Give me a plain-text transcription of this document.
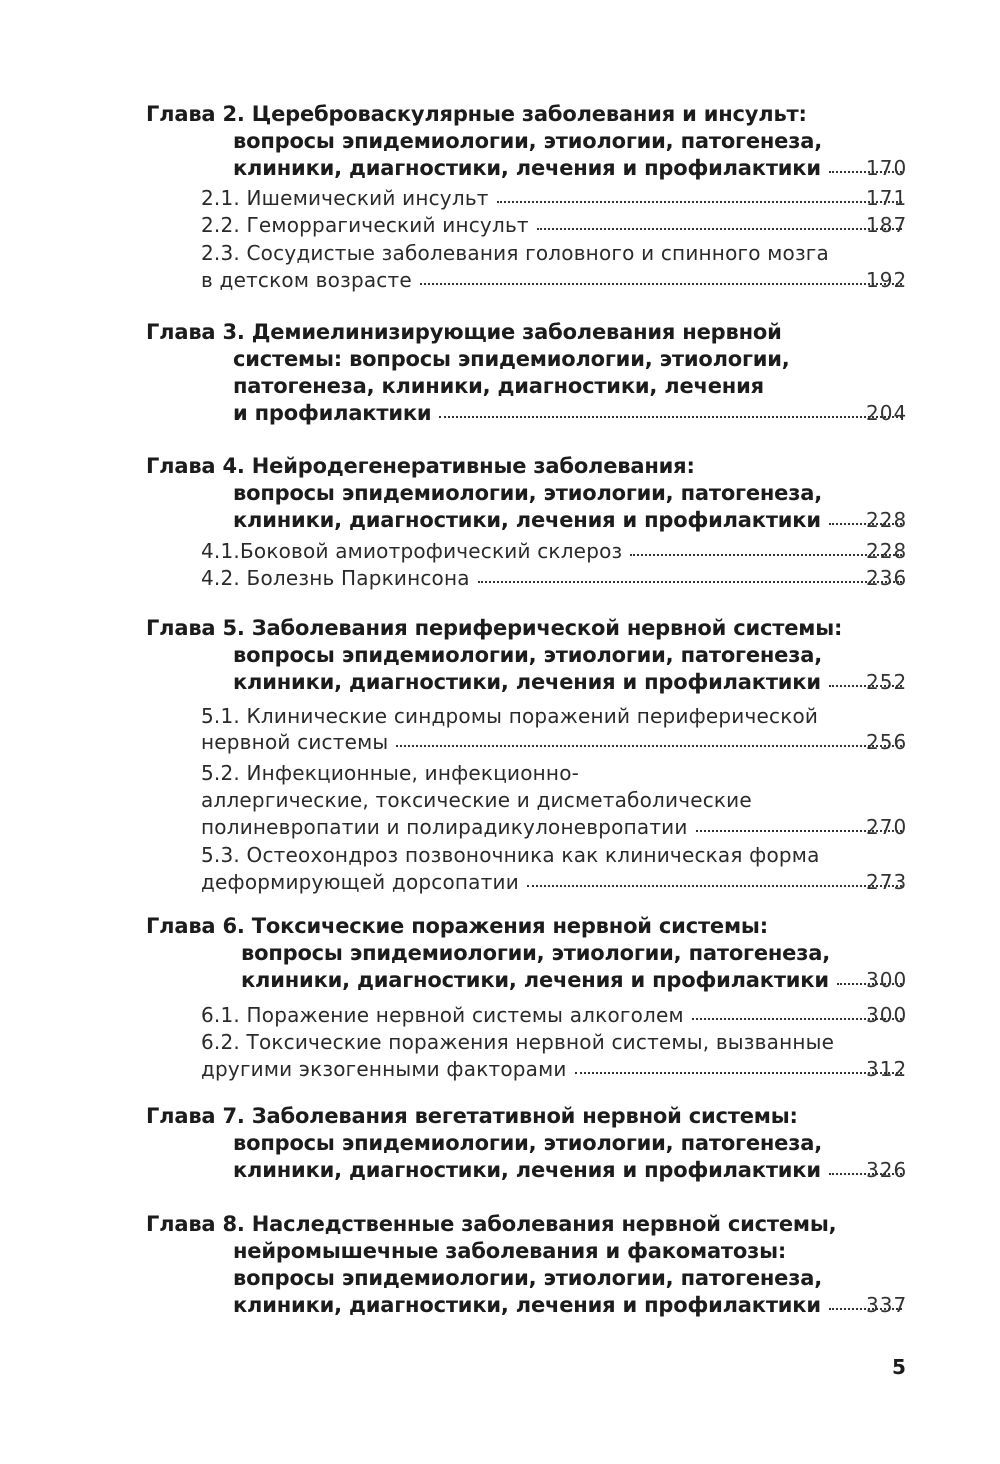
Глава 2. Цереброваскулярные заболевания и инсульт:
вопросы эпидемиологии, этиологии, патогенеза,
170
клиники, диагностики, лечения и профилактики
171
2.1. Ишемический инсульт
187
2.2. Геморрагический инсульт
2.3. Сосудистые заболевания головного и спинного мозга
192
в детском возрасте
Глава 3. Демиелинизирующие заболевания нервной
системы: вопросы эпидемиологии, этиологии,
патогенеза, клиники, диагностики, лечения
204
и профилактики
Глава 4. Нейродегенеративные заболевания:
вопросы эпидемиологии, этиологии, патогенеза,
228
клиники, диагностики, лечения и профилактики
228
4.1.Боковой амиотрофический склероз
236
4.2. Болезнь Паркинсона
Глава 5. Заболевания периферической нервной системы:
вопросы эпидемиологии, этиологии, патогенеза,
252
клиники, диагностики, лечения и профилактики
5.1. Клинические синдромы поражений периферической
256
нервной системы
5.2. Инфекционные, инфекционно-
аллергические, токсические и дисметаболические
270
полиневропатии и полирадикулоневропатии
5.3. Остеохондроз позвоночника как клиническая форма
273
деформирующей дорсопатии
Глава 6. Токсические поражения нервной системы:
вопросы эпидемиологии, этиологии, патогенеза,
300
клиники, диагностики, лечения и профилактики
300
6.1. Поражение нервной системы алкоголем
6.2. Токсические поражения нервной системы, вызванные
312
другими экзогенными факторами
Глава 7. Заболевания вегетативной нервной системы:
вопросы эпидемиологии, этиологии, патогенеза,
326
клиники, диагностики, лечения и профилактики
Глава 8. Наследственные заболевания нервной системы,
нейромышечные заболевания и факоматозы:
вопросы эпидемиологии, этиологии, патогенеза,
337
клиники, диагностики, лечения и профилактики
5
